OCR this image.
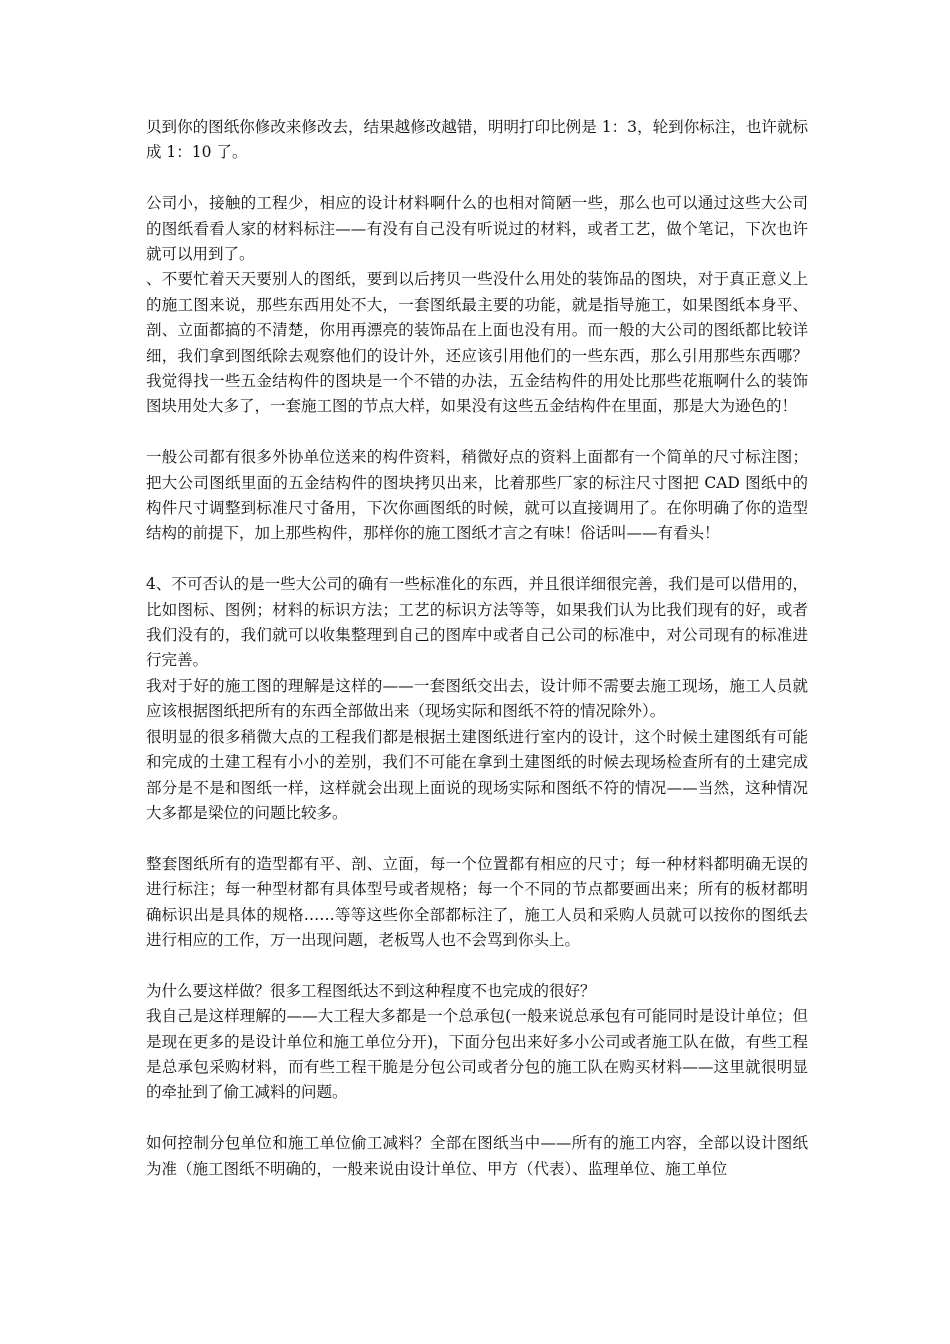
贝到你的图纸你修改来修改去，结果越修改越错，明明打印比例是 1：3，轮到你标注，也许就标成 1：10 了。

公司小，接触的工程少，相应的设计材料啊什么的也相对简陋一些，那么也可以通过这些大公司的图纸看看人家的材料标注——有没有自己没有听说过的材料，或者工艺，做个笔记，下次也许就可以用到了。

、不要忙着天天要别人的图纸，要到以后拷贝一些没什么用处的装饰品的图块，对于真正意义上的施工图来说，那些东西用处不大，一套图纸最主要的功能，就是指导施工，如果图纸本身平、剖、立面都搞的不清楚，你用再漂亮的装饰品在上面也没有用。而一般的大公司的图纸都比较详细，我们拿到图纸除去观察他们的设计外，还应该引用他们的一些东西，那么引用那些东西哪？我觉得找一些五金结构件的图块是一个不错的办法，五金结构件的用处比那些花瓶啊什么的装饰图块用处大多了，一套施工图的节点大样，如果没有这些五金结构件在里面，那是大为逊色的！

一般公司都有很多外协单位送来的构件资料，稍微好点的资料上面都有一个简单的尺寸标注图；把大公司图纸里面的五金结构件的图块拷贝出来，比着那些厂家的标注尺寸图把 CAD 图纸中的构件尺寸调整到标准尺寸备用，下次你画图纸的时候，就可以直接调用了。在你明确了你的造型结构的前提下，加上那些构件，那样你的施工图纸才言之有味！俗话叫——有看头！

4、不可否认的是一些大公司的确有一些标准化的东西，并且很详细很完善，我们是可以借用的，比如图标、图例；材料的标识方法；工艺的标识方法等等，如果我们认为比我们现有的好，或者我们没有的，我们就可以收集整理到自己的图库中或者自己公司的标准中，对公司现有的标准进行完善。

我对于好的施工图的理解是这样的——一套图纸交出去，设计师不需要去施工现场，施工人员就应该根据图纸把所有的东西全部做出来（现场实际和图纸不符的情况除外）。

很明显的很多稍微大点的工程我们都是根据土建图纸进行室内的设计，这个时候土建图纸有可能和完成的土建工程有小小的差别，我们不可能在拿到土建图纸的时候去现场检查所有的土建完成部分是不是和图纸一样，这样就会出现上面说的现场实际和图纸不符的情况——当然，这种情况大多都是梁位的问题比较多。

整套图纸所有的造型都有平、剖、立面，每一个位置都有相应的尺寸；每一种材料都明确无误的进行标注；每一种型材都有具体型号或者规格；每一个不同的节点都要画出来；所有的板材都明确标识出是具体的规格……等等这些你全部都标注了，施工人员和采购人员就可以按你的图纸去进行相应的工作，万一出现问题，老板骂人也不会骂到你头上。

为什么要这样做？很多工程图纸达不到这种程度不也完成的很好？

我自己是这样理解的——大工程大多都是一个总承包(一般来说总承包有可能同时是设计单位；但是现在更多的是设计单位和施工单位分开)，下面分包出来好多小公司或者施工队在做，有些工程是总承包采购材料，而有些工程干脆是分包公司或者分包的施工队在购买材料——这里就很明显的牵扯到了偷工减料的问题。

如何控制分包单位和施工单位偷工减料？全部在图纸当中——所有的施工内容，全部以设计图纸为准（施工图纸不明确的，一般来说由设计单位、甲方（代表）、监理单位、施工单位
